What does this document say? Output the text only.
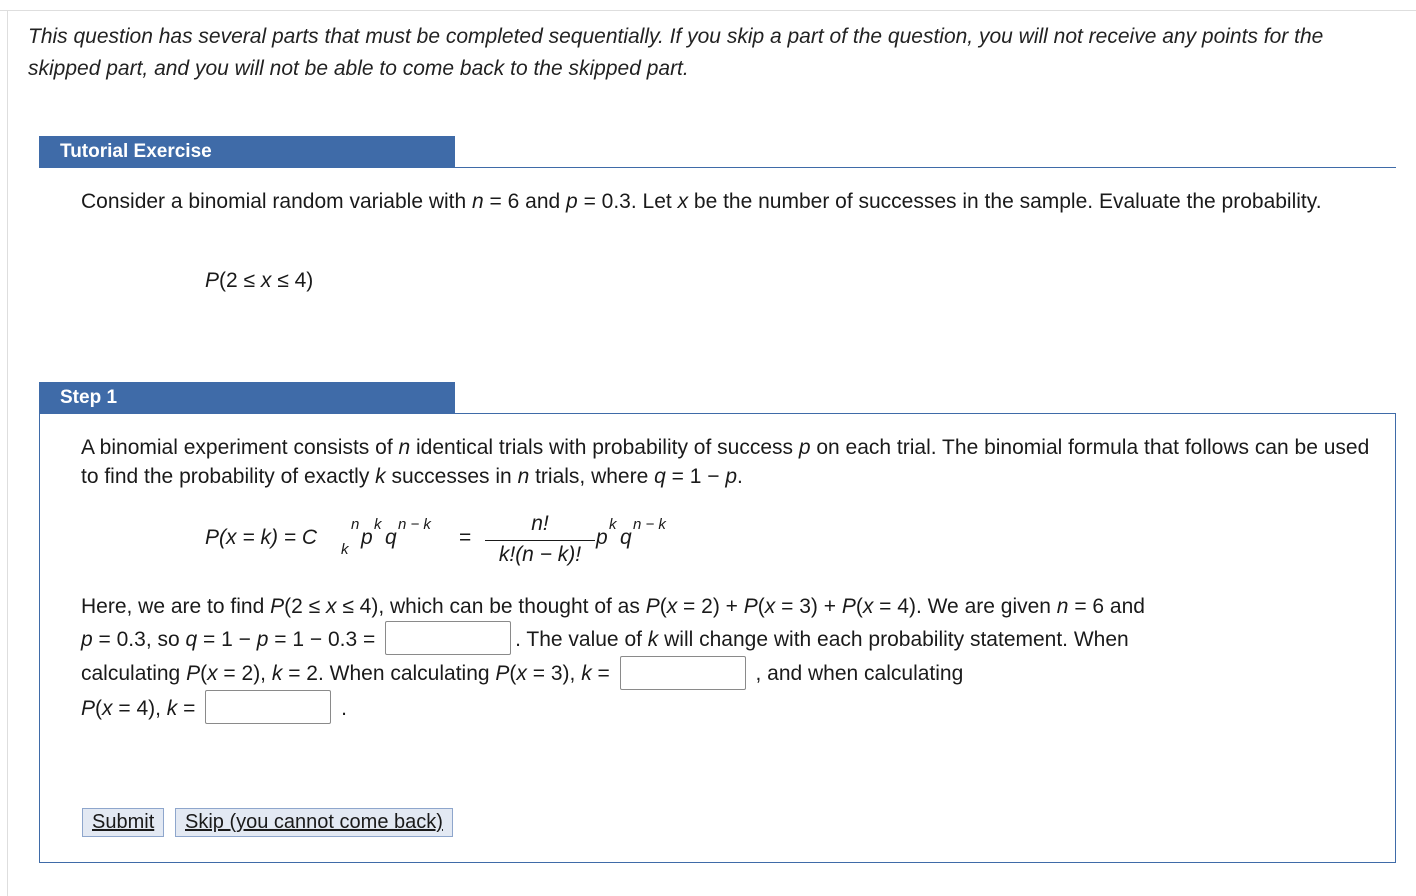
This question has several parts that must be completed sequentially. If you skip a part of the question, you will not receive any points for the skipped part, and you will not be able to come back to the skipped part.
Tutorial Exercise
Consider a binomial random variable with n = 6 and p = 0.3. Let x be the number of successes in the sample. Evaluate the probability.
P(2 ≤ x ≤ 4)
Step 1
A binomial experiment consists of n identical trials with probability of success p on each trial. The binomial formula that follows can be used to find the probability of exactly k successes in n trials, where q = 1 − p.
P(x = k) = C
k
n
p
k
q
n − k
=
n!
k!(n − k)!
p
k
q
n − k
Here, we are to find P(2 ≤ x ≤ 4), which can be thought of as P(x = 2) + P(x = 3) + P(x = 4). We are given n = 6 and
p = 0.3, so q = 1 − p = 1 − 0.3 =	. The value of k will change with each probability statement. When
calculating P(x = 2), k = 2. When calculating P(x = 3), k =	, and when calculating
P(x = 4), k =	.
Submit	Skip (you cannot come back)
